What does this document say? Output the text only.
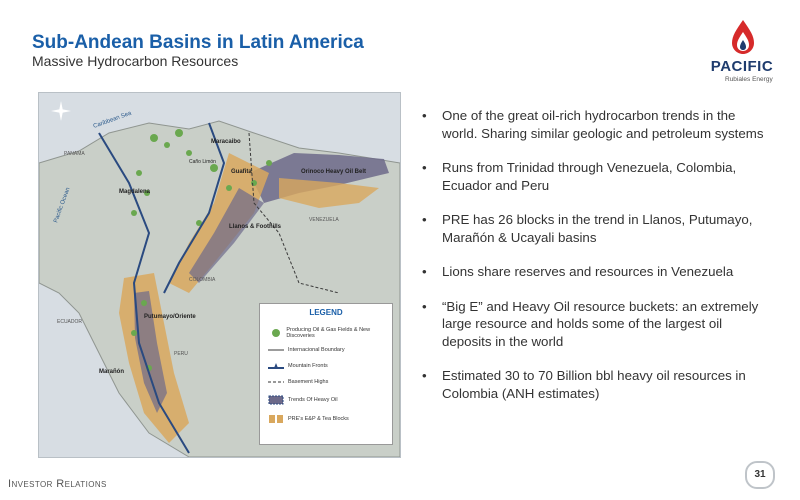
Sub-Andean Basins in Latin America
Massive Hydrocarbon Resources	PACIFIC
Rubiales Energy
Caribbean Sea
Pacific Ocean
PANAMA
VENEZUELA
COLOMBIA
ECUADOR
PERU
Maracaibo
Magdalena
Guafita	Orinoco Heavy Oil Belt
Caño Limón
Llanos & Foothills
Putumayo/Oriente
Marañón
LEGEND
Producing Oil & Gas Fields & New Discoveries
Internacional Boundary
Mountain Fronts
Basement Highs
Trends Of Heavy Oil
PRE's E&P & Tea Blocks
• One of the great oil-rich hydrocarbon trends in the world. Sharing similar geologic and petroleum systems
• Runs from Trinidad through Venezuela, Colombia, Ecuador and Peru
• PRE has 26 blocks in the trend in Llanos, Putumayo, Marañón & Ucayali basins
• Lions share reserves and resources in Venezuela
• “Big E” and Heavy Oil resource buckets: an extremely large resource and holds some of the largest oil deposits in the world
• Estimated 30 to 70 Billion bbl heavy oil resources in Colombia (ANH estimates)
Investor Relations
31
